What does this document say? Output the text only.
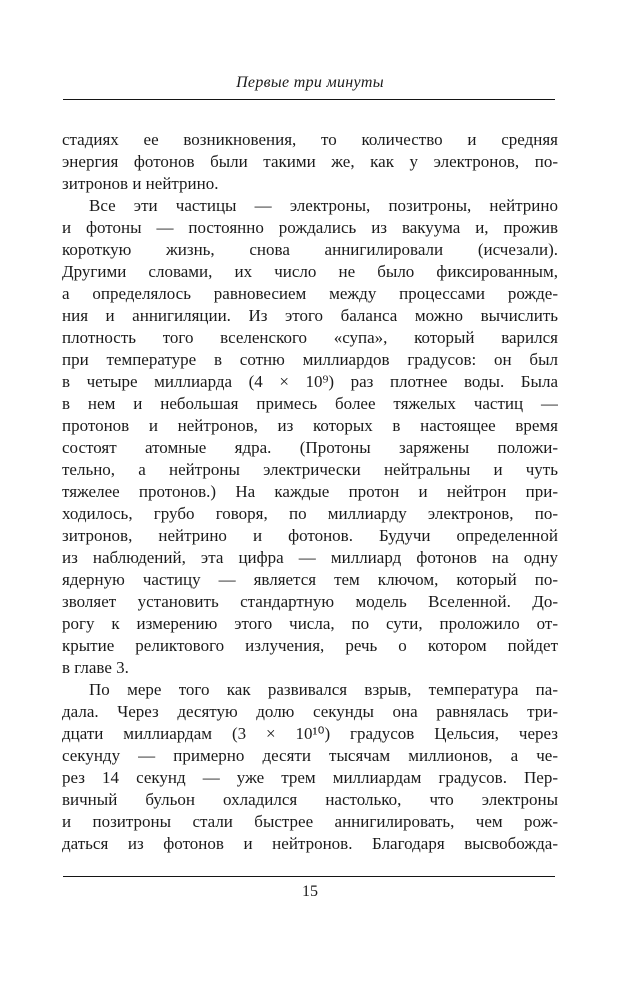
Первые три минуты
стадиях ее возникновения, то количество и средняя
энергия фотонов были такими же, как у электронов, по-
зитронов и нейтрино.
Все эти частицы — электроны, позитроны, нейтрино
и фотоны — постоянно рождались из вакуума и, прожив
короткую жизнь, снова аннигилировали (исчезали).
Другими словами, их число не было фиксированным,
а определялось равновесием между процессами рожде-
ния и аннигиляции. Из этого баланса можно вычислить
плотность того вселенского «супа», который варился
при температуре в сотню миллиардов градусов: он был
в четыре миллиарда (4 × 10⁹) раз плотнее воды. Была
в нем и небольшая примесь более тяжелых частиц —
протонов и нейтронов, из которых в настоящее время
состоят атомные ядра. (Протоны заряжены положи-
тельно, а нейтроны электрически нейтральны и чуть
тяжелее протонов.) На каждые протон и нейтрон при-
ходилось, грубо говоря, по миллиарду электронов, по-
зитронов, нейтрино и фотонов. Будучи определенной
из наблюдений, эта цифра — миллиард фотонов на одну
ядерную частицу — является тем ключом, который по-
зволяет установить стандартную модель Вселенной. До-
рогу к измерению этого числа, по сути, проложило от-
крытие реликтового излучения, речь о котором пойдет
в главе 3.
По мере того как развивался взрыв, температура па-
дала. Через десятую долю секунды она равнялась три-
дцати миллиардам (3 × 10¹⁰) градусов Цельсия, через
секунду — примерно десяти тысячам миллионов, а че-
рез 14 секунд — уже трем миллиардам градусов. Пер-
вичный бульон охладился настолько, что электроны
и позитроны стали быстрее аннигилировать, чем рож-
даться из фотонов и нейтронов. Благодаря высвобожда-
15
